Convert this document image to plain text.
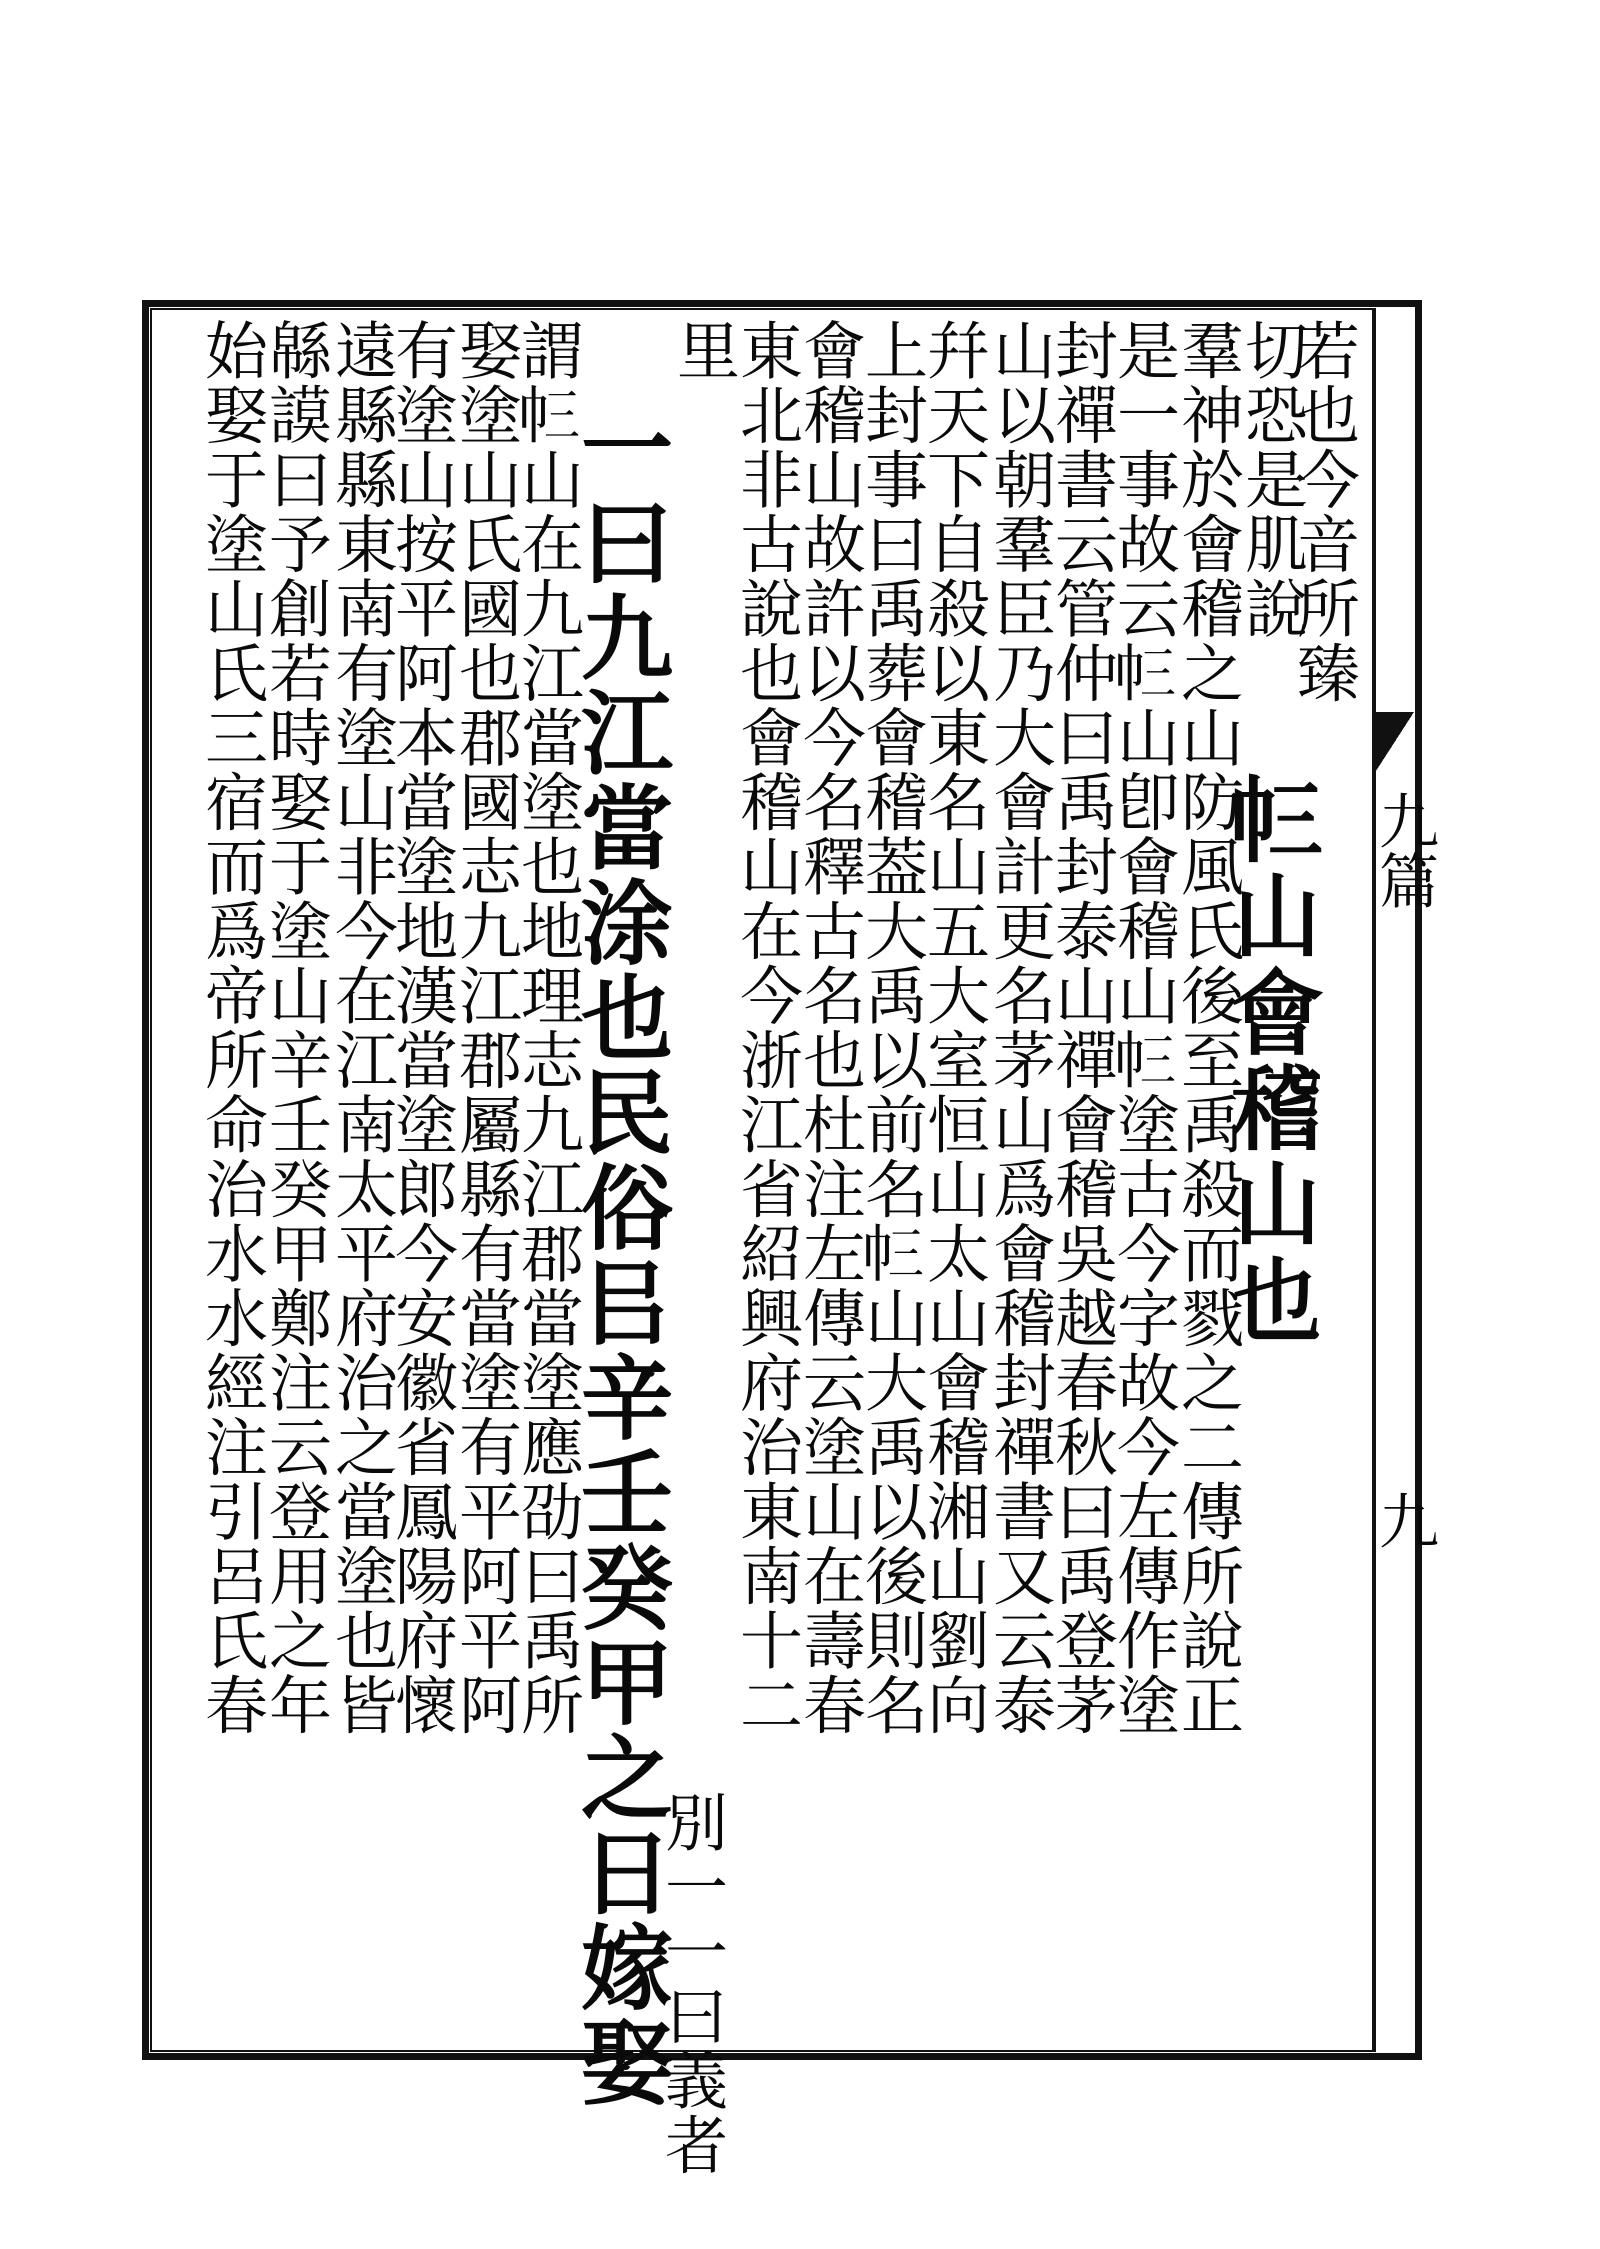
九篇
九
若也今音所臻
切恐是肌說
羣神於會稽之山防風氏後至禹殺而戮之二傳所說正
是一事故云𢁚山卽會稽山𢁚塗古今字故今左傳作塗
封禪書云管仲曰禹封泰山禪會稽吳越春秋曰禹登茅
山以朝羣臣乃大會計更名茅山爲會稽封禪書又云泰
幷天下自殺以東名山五大室恒山太山會稽湘山劉向
上封事曰禹葬會稽葢大禹以前名𢁚山大禹以後則名
會稽山故許以今名釋古名也杜注左傳云塗山在壽春
東北非古說也會稽山在今浙江省紹興府治東南十二
里
一曰九江當涂也民俗㠯辛壬癸甲之日嫁娶
別一一曰義者
謂𢁚山在九江當塗也地理志九江郡當塗應劭曰禹所
娶塗山氏國也郡國志九江郡屬縣有當塗有平阿平阿
有塗山按平阿本當塗地漢當塗郎今安徽省鳳陽府懷
遠縣縣東南有塗山非今在江南太平府治之當塗也皆
緜謨曰予創若時娶于塗山辛壬癸甲鄭注云登用之年
始娶于塗山氏三宿而爲帝所命治水水經注引呂氏春	𢁚山會稽山也
